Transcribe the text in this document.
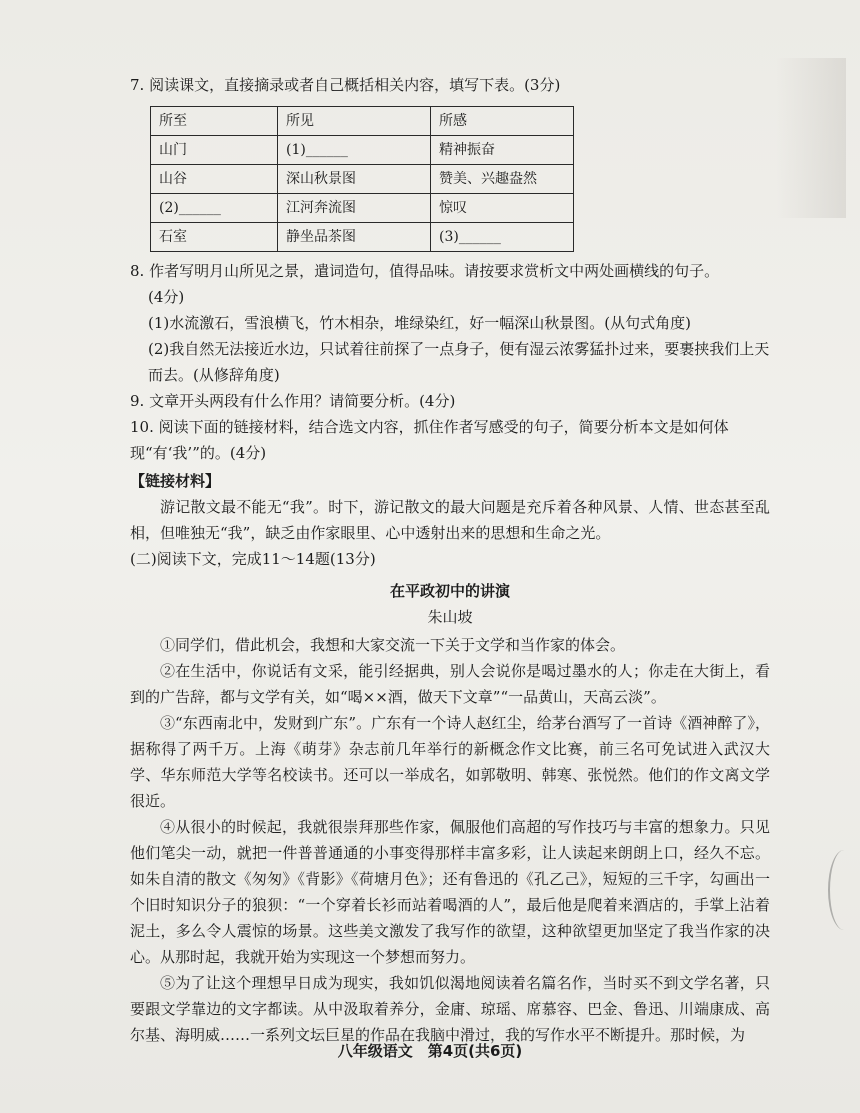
7. 阅读课文，直接摘录或者自己概括相关内容，填写下表。(3分)

所至	所见	所感
山门	(1)______	精神振奋
山谷	深山秋景图	赞美、兴趣盎然
(2)______	江河奔流图	惊叹
石室	静坐品茶图	(3)______

8. 作者写明月山所见之景，遣词造句，值得品味。请按要求赏析文中两处画横线的句子。

(4分)

(1)水流激石，雪浪横飞，竹木相杂，堆绿染红，好一幅深山秋景图。(从句式角度)

(2)我自然无法接近水边，只试着往前探了一点身子，便有湿云浓雾猛扑过来，要裹挟我们上天而去。(从修辞角度)

9. 文章开头两段有什么作用？请简要分析。(4分)

10. 阅读下面的链接材料，结合选文内容，抓住作者写感受的句子，简要分析本文是如何体现“有‘我’”的。(4分)

【链接材料】

游记散文最不能无“我”。时下，游记散文的最大问题是充斥着各种风景、人情、世态甚至乱相，但唯独无“我”，缺乏由作家眼里、心中透射出来的思想和生命之光。

(二)阅读下文，完成11～14题(13分)

在平政初中的讲演

朱山坡

①同学们，借此机会，我想和大家交流一下关于文学和当作家的体会。

②在生活中，你说话有文采，能引经据典，别人会说你是喝过墨水的人；你走在大街上，看到的广告辞，都与文学有关，如“喝××酒，做天下文章”“一品黄山，天高云淡”。

③“东西南北中，发财到广东”。广东有一个诗人赵红尘，给茅台酒写了一首诗《酒神醉了》，据称得了两千万。上海《萌芽》杂志前几年举行的新概念作文比赛，前三名可免试进入武汉大学、华东师范大学等名校读书。还可以一举成名，如郭敬明、韩寒、张悦然。他们的作文离文学很近。

④从很小的时候起，我就很崇拜那些作家，佩服他们高超的写作技巧与丰富的想象力。只见他们笔尖一动，就把一件普普通通的小事变得那样丰富多彩，让人读起来朗朗上口，经久不忘。如朱自清的散文《匆匆》《背影》《荷塘月色》；还有鲁迅的《孔乙己》，短短的三千字，勾画出一个旧时知识分子的狼狈：“一个穿着长衫而站着喝酒的人”，最后他是爬着来酒店的，手掌上沾着泥土，多么令人震惊的场景。这些美文激发了我写作的欲望，这种欲望更加坚定了我当作家的决心。从那时起，我就开始为实现这一个梦想而努力。

⑤为了让这个理想早日成为现实，我如饥似渴地阅读着名篇名作，当时买不到文学名著，只要跟文学靠边的文字都读。从中汲取着养分，金庸、琼瑶、席慕容、巴金、鲁迅、川端康成、高尔基、海明威……一系列文坛巨星的作品在我脑中滑过，我的写作水平不断提升。那时候，为

八年级语文　第4页(共6页)
